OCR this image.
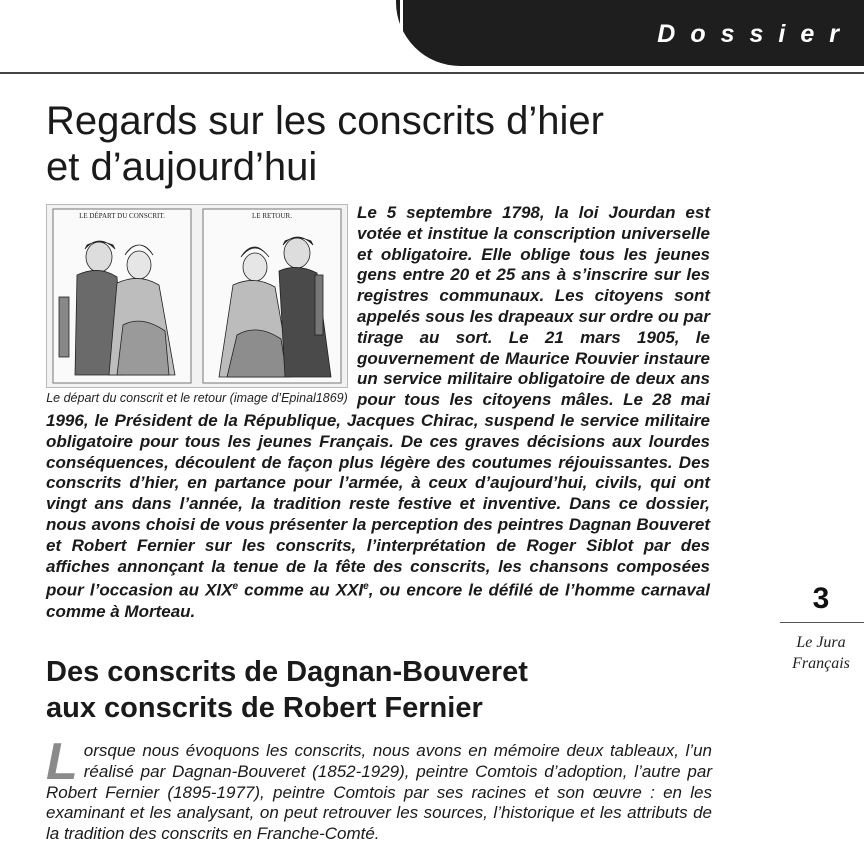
Dossier
Regards sur les conscrits d’hier
et d’aujourd’hui
LE DÉPART DU CONSCRIT.	LE RETOUR.
Le départ du conscrit et le retour (image d’Epinal1869)

Le 5 septembre 1798, la loi Jourdan est votée et institue la conscription universelle et obligatoire. Elle oblige tous les jeunes gens entre 20 et 25 ans à s’inscrire sur les registres communaux. Les citoyens sont appelés sous les drapeaux sur ordre ou par tirage au sort. Le 21 mars 1905, le gouvernement de Maurice Rouvier instaure un service militaire obligatoire de deux ans pour tous les citoyens mâles. Le 28 mai 1996, le Président de la République, Jacques Chirac, suspend le service militaire obligatoire pour tous les jeunes Français. De ces graves décisions aux lourdes conséquences, découlent de façon plus légère des coutumes réjouissantes. Des conscrits d’hier, en partance pour l’armée, à ceux d’aujourd’hui, civils, qui ont vingt ans dans l’année, la tradition reste festive et inventive. Dans ce dossier, nous avons choisi de vous présenter la perception des peintres Dagnan Bouveret et Robert Fernier sur les conscrits, l’interprétation de Roger Siblot par des affiches annonçant la tenue de la fête des conscrits, les chansons composées pour l’occasion au XIXe comme au XXIe, ou encore le défilé de l’homme carnaval comme à Morteau.

Des conscrits de Dagnan-Bouveret
aux conscrits de Robert Fernier

Lorsque nous évoquons les conscrits, nous avons en mémoire deux tableaux, l’un réalisé par Dagnan-Bouveret (1852-1929), peintre Comtois d’adoption, l’autre par Robert Fernier (1895-1977), peintre Comtois par ses racines et son œuvre : en les examinant et les analysant, on peut retrouver les sources, l’historique et les attributs de la tradition des conscrits en Franche-Comté.

3
Le Jura
Français
